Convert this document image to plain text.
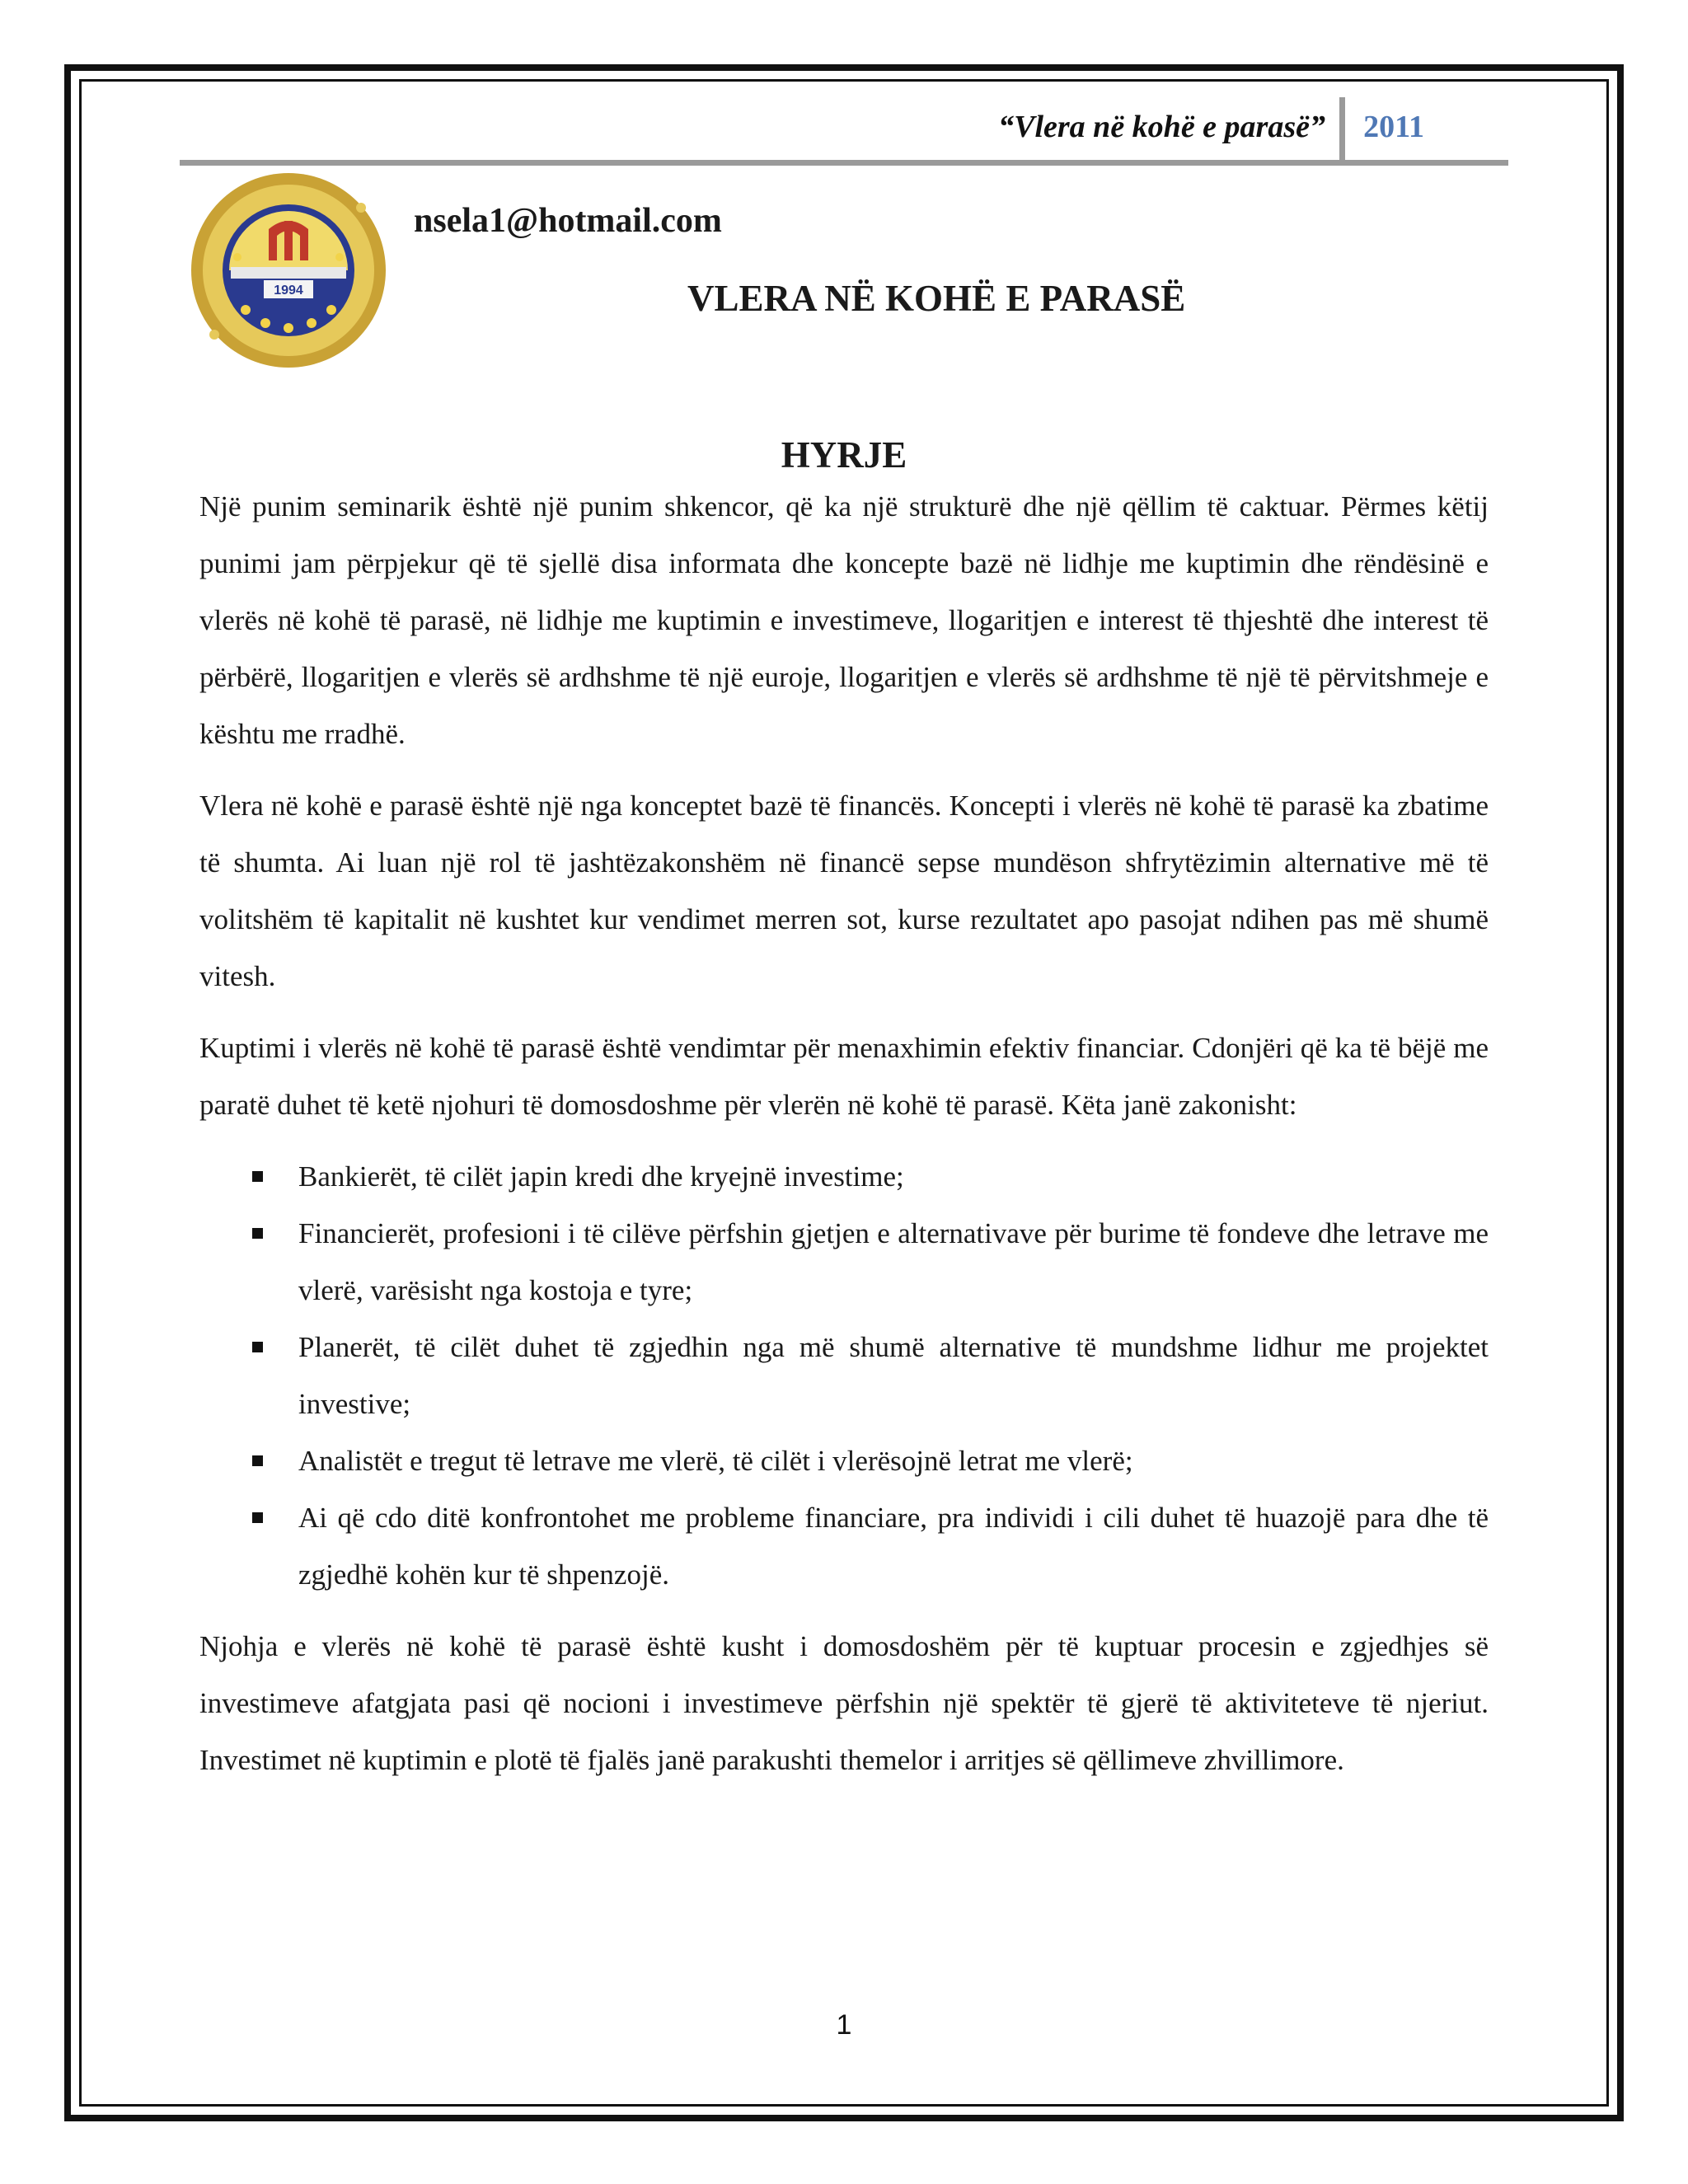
“Vlera në kohë e parasë” 2011
1994
nsela1@hotmail.com
VLERA NË KOHË E PARASË
HYRJE

Një punim seminarik është një punim shkencor, që ka një strukturë dhe një qëllim të caktuar. Përmes këtij punimi jam përpjekur që të sjellë disa informata dhe koncepte bazë në lidhje me kuptimin dhe rëndësinë e vlerës në kohë të parasë, në lidhje me kuptimin e investimeve, llogaritjen e interest të thjeshtë dhe interest të përbërë, llogaritjen e vlerës së ardhshme të një euroje, llogaritjen e vlerës së ardhshme të një të përvitshmeje e kështu me rradhë.

Vlera në kohë e parasë është një nga konceptet bazë të financës. Koncepti i vlerës në kohë të parasë ka zbatime të shumta. Ai luan një rol të jashtëzakonshëm në financë sepse mundëson shfrytëzimin alternative më të volitshëm të kapitalit në kushtet kur vendimet merren sot, kurse rezultatet apo pasojat ndihen pas më shumë vitesh.

Kuptimi i vlerës në kohë të parasë është vendimtar për menaxhimin efektiv financiar. Cdonjëri që ka të bëjë me paratë duhet të ketë njohuri të domosdoshme për vlerën në kohë të parasë. Këta janë zakonisht:

Bankierët, të cilët japin kredi dhe kryejnë investime;
Financierët, profesioni i të cilëve përfshin gjetjen e alternativave për burime të fondeve dhe letrave me vlerë, varësisht nga kostoja e tyre;
Planerët, të cilët duhet të zgjedhin nga më shumë alternative të mundshme lidhur me projektet investive;
Analistët e tregut të letrave me vlerë, të cilët i vlerësojnë letrat me vlerë;
Ai që cdo ditë konfrontohet me probleme financiare, pra individi i cili duhet të huazojë para dhe të zgjedhë kohën kur të shpenzojë.

Njohja e vlerës në kohë të parasë është kusht i domosdoshëm për të kuptuar procesin e zgjedhjes së investimeve afatgjata pasi që nocioni i investimeve përfshin një spektër të gjerë të aktiviteteve të njeriut. Investimet në kuptimin e plotë të fjalës janë parakushti themelor i arritjes së qëllimeve zhvillimore.

1
